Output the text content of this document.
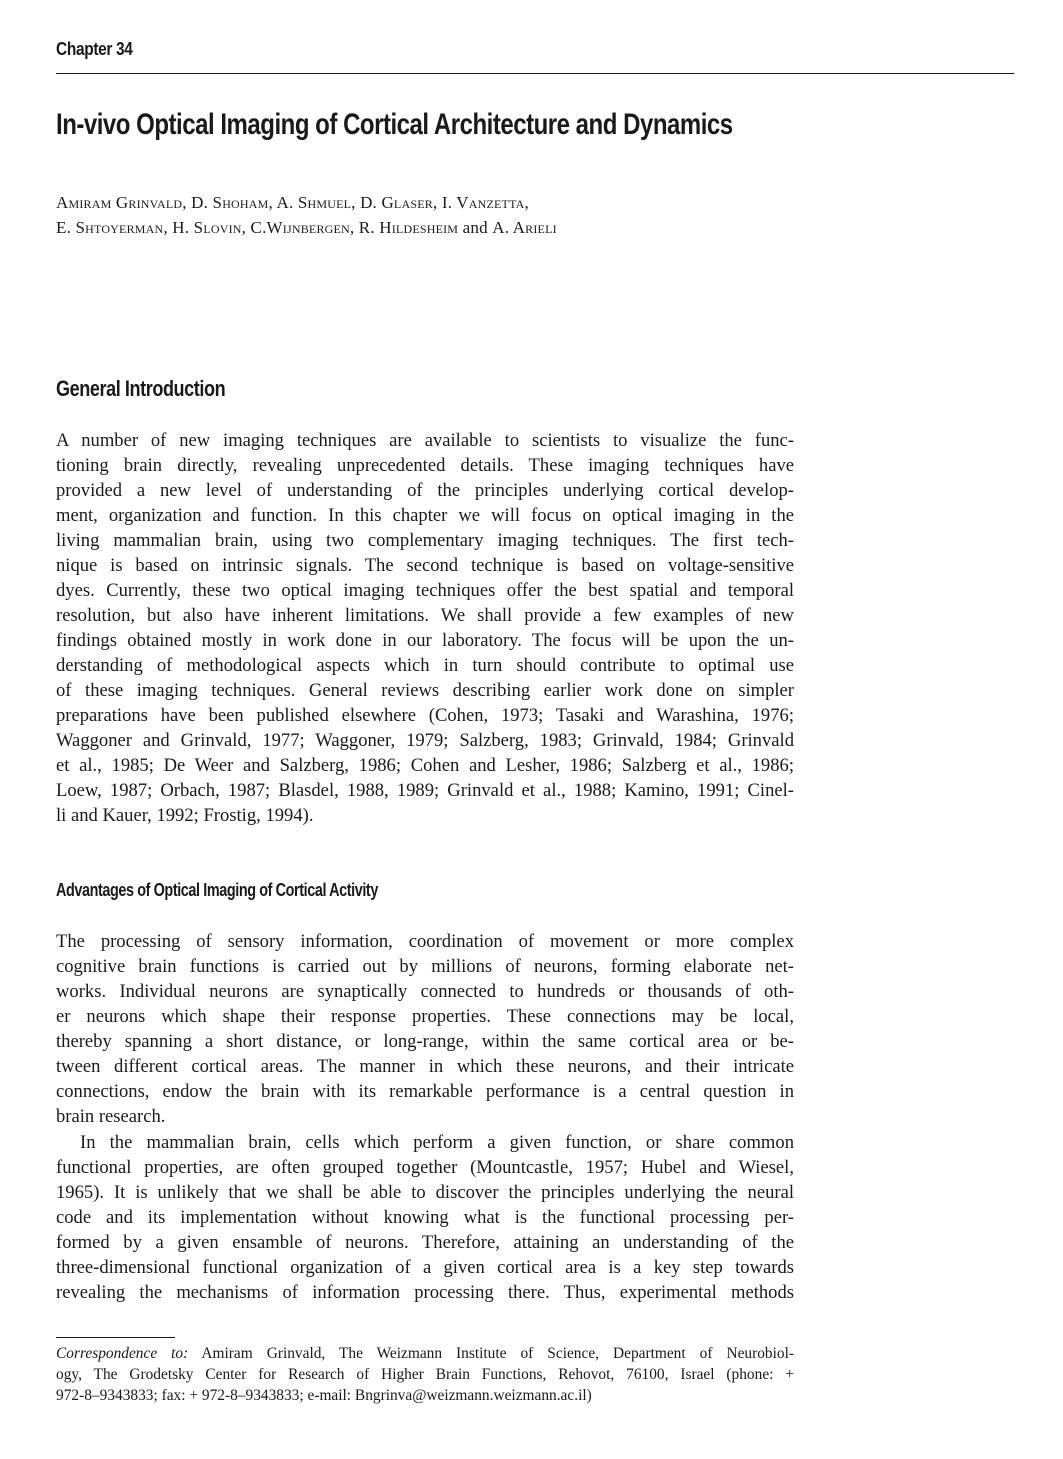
Chapter 34
In-vivo Optical Imaging of Cortical Architecture and Dynamics
Amiram Grinvald, D. Shoham, A. Shmuel, D. Glaser, I. Vanzetta,
E. Shtoyerman, H. Slovin, C.Wijnbergen, R. Hildesheim and A. Arieli
General Introduction
A number of new imaging techniques are available to scientists to visualize the func-
tioning brain directly, revealing unprecedented details. These imaging techniques have
provided a new level of understanding of the principles underlying cortical develop-
ment, organization and function. In this chapter we will focus on optical imaging in the
living mammalian brain, using two complementary imaging techniques. The first tech-
nique is based on intrinsic signals. The second technique is based on voltage-sensitive
dyes. Currently, these two optical imaging techniques offer the best spatial and temporal
resolution, but also have inherent limitations. We shall provide a few examples of new
findings obtained mostly in work done in our laboratory. The focus will be upon the un-
derstanding of methodological aspects which in turn should contribute to optimal use
of these imaging techniques. General reviews describing earlier work done on simpler
preparations have been published elsewhere (Cohen, 1973; Tasaki and Warashina, 1976;
Waggoner and Grinvald, 1977; Waggoner, 1979; Salzberg, 1983; Grinvald, 1984; Grinvald
et al., 1985; De Weer and Salzberg, 1986; Cohen and Lesher, 1986; Salzberg et al., 1986;
Loew, 1987; Orbach, 1987; Blasdel, 1988, 1989; Grinvald et al., 1988; Kamino, 1991; Cinel-
li and Kauer, 1992; Frostig, 1994).
Advantages of Optical Imaging of Cortical Activity
The processing of sensory information, coordination of movement or more complex
cognitive brain functions is carried out by millions of neurons, forming elaborate net-
works. Individual neurons are synaptically connected to hundreds or thousands of oth-
er neurons which shape their response properties. These connections may be local,
thereby spanning a short distance, or long-range, within the same cortical area or be-
tween different cortical areas. The manner in which these neurons, and their intricate
connections, endow the brain with its remarkable performance is a central question in
brain research.
In the mammalian brain, cells which perform a given function, or share common
functional properties, are often grouped together (Mountcastle, 1957; Hubel and Wiesel,
1965). It is unlikely that we shall be able to discover the principles underlying the neural
code and its implementation without knowing what is the functional processing per-
formed by a given ensamble of neurons. Therefore, attaining an understanding of the
three-dimensional functional organization of a given cortical area is a key step towards
revealing the mechanisms of information processing there. Thus, experimental methods
Correspondence to: Amiram Grinvald, The Weizmann Institute of Science, Department of Neurobiol-
ogy, The Grodetsky Center for Research of Higher Brain Functions, Rehovot, 76100, Israel (phone: +
972-8–9343833; fax: + 972-8–9343833; e-mail: Bngrinva@weizmann.weizmann.ac.il)
